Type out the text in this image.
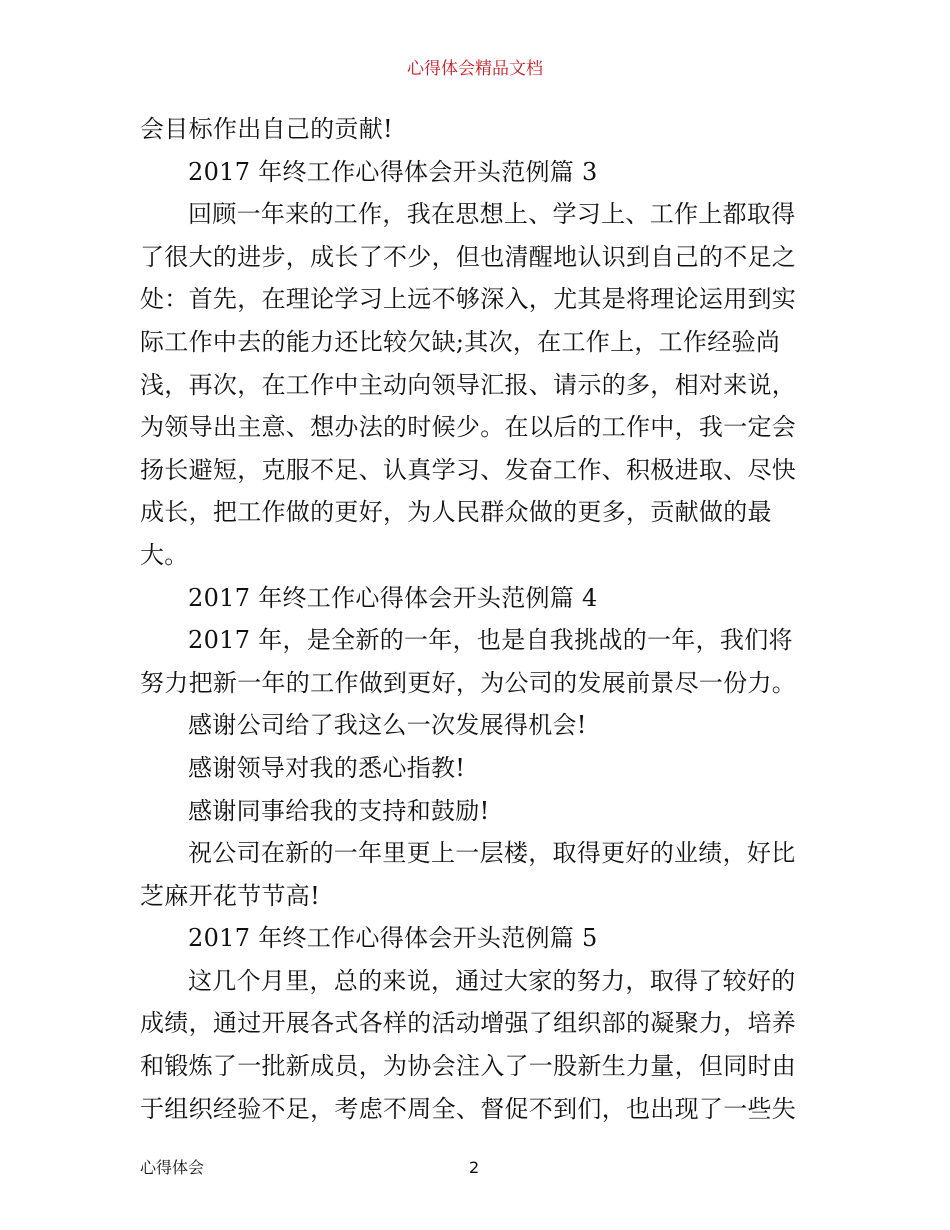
心得体会精品文档
会目标作出自己的贡献!
2017 年终工作心得体会开头范例篇 3
回顾一年来的工作，我在思想上、学习上、工作上都取得
了很大的进步，成长了不少，但也清醒地认识到自己的不足之
处：首先，在理论学习上远不够深入，尤其是将理论运用到实
际工作中去的能力还比较欠缺;其次，在工作上，工作经验尚
浅，再次，在工作中主动向领导汇报、请示的多，相对来说，
为领导出主意、想办法的时候少。在以后的工作中，我一定会
扬长避短，克服不足、认真学习、发奋工作、积极进取、尽快
成长，把工作做的更好，为人民群众做的更多，贡献做的最
大。
2017 年终工作心得体会开头范例篇 4
2017 年，是全新的一年，也是自我挑战的一年，我们将
努力把新一年的工作做到更好，为公司的发展前景尽一份力。
感谢公司给了我这么一次发展得机会!
感谢领导对我的悉心指教!
感谢同事给我的支持和鼓励!
祝公司在新的一年里更上一层楼，取得更好的业绩，好比
芝麻开花节节高!
2017 年终工作心得体会开头范例篇 5
这几个月里，总的来说，通过大家的努力，取得了较好的
成绩，通过开展各式各样的活动增强了组织部的凝聚力，培养
和锻炼了一批新成员，为协会注入了一股新生力量，但同时由
于组织经验不足，考虑不周全、督促不到们，也出现了一些失
心得体会	2
